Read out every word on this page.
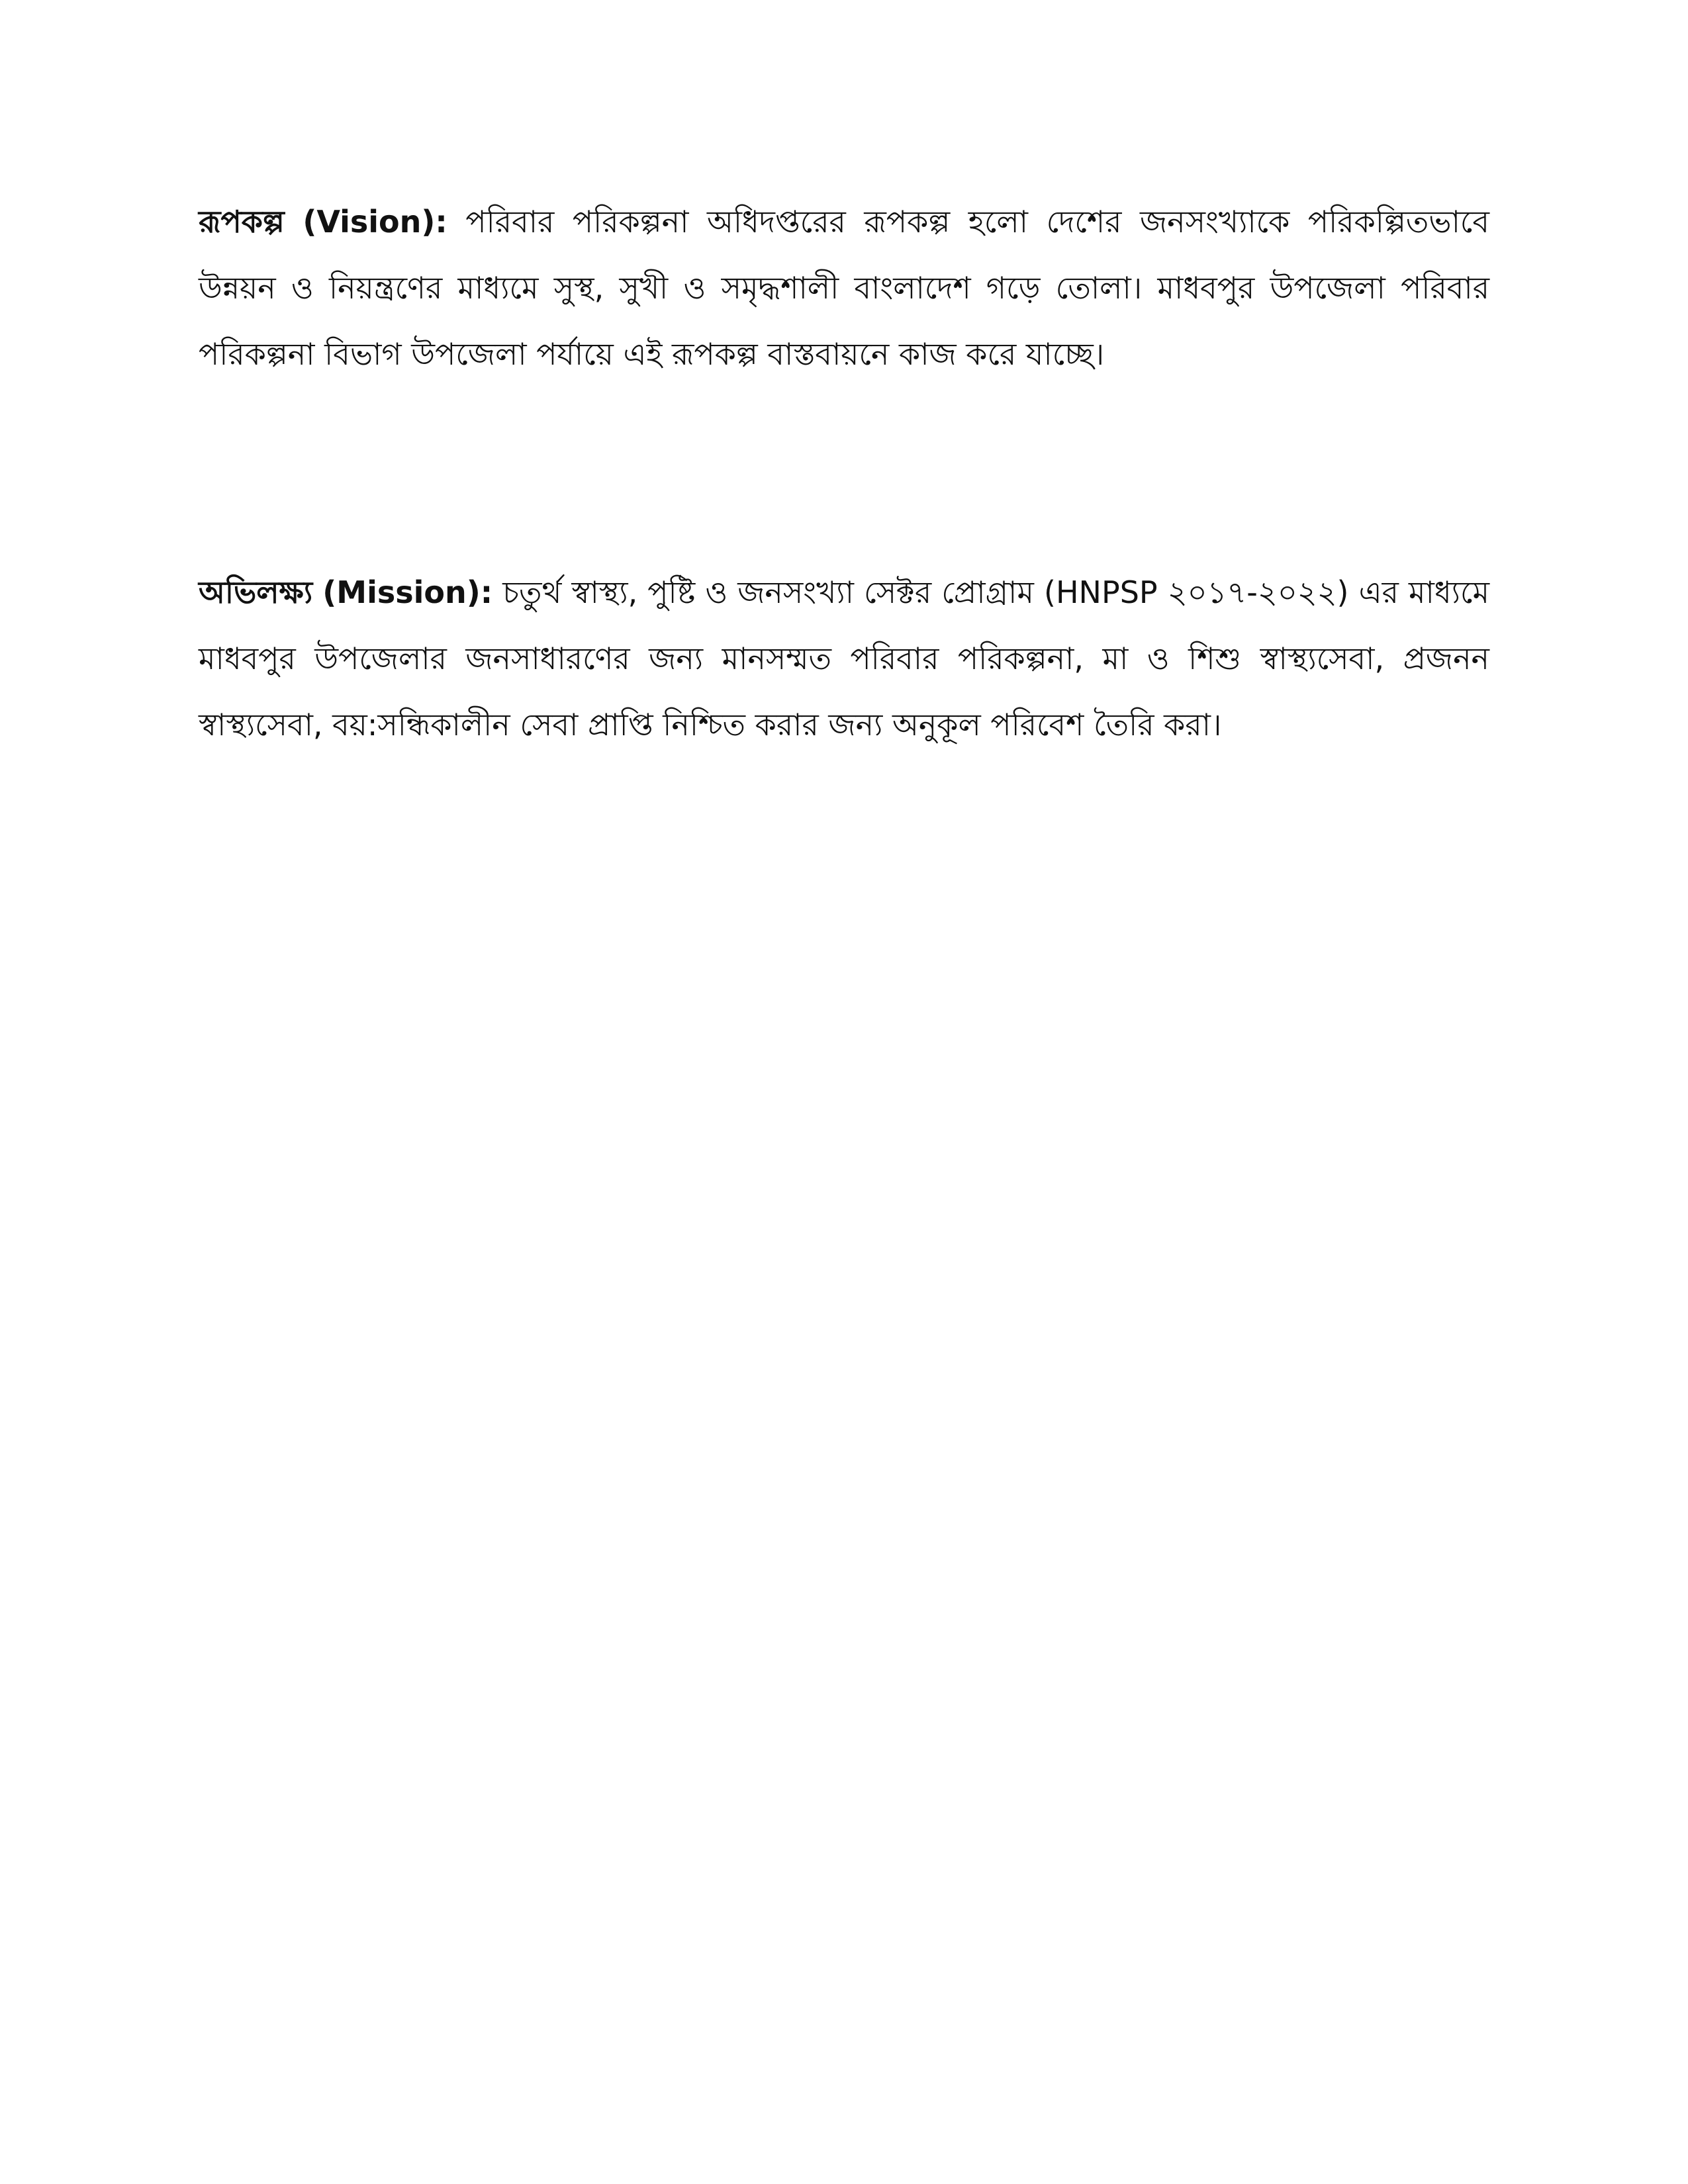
রূপকল্প (Vision): পরিবার পরিকল্পনা অধিদপ্তরের রূপকল্প হলো দেশের জনসংখ্যাকে পরিকল্পিতভাবে উন্নয়ন ও নিয়ন্ত্রণের মাধ্যমে সুস্থ, সুখী ও সমৃদ্ধশালী বাংলাদেশ গড়ে তোলা। মাধবপুর উপজেলা পরিবার পরিকল্পনা বিভাগ উপজেলা পর্যায়ে এই রূপকল্প বাস্তবায়নে কাজ করে যাচ্ছে।

অভিলক্ষ্য (Mission): চতুর্থ স্বাস্থ্য, পুষ্টি ও জনসংখ্যা সেক্টর প্রোগ্রাম (HNPSP ২০১৭-২০২২) এর মাধ্যমে মাধবপুর উপজেলার জনসাধারণের জন্য মানসম্মত পরিবার পরিকল্পনা, মা ও শিশু স্বাস্থ্যসেবা, প্রজনন স্বাস্থ্যসেবা, বয়:সন্ধিকালীন সেবা প্রাপ্তি নিশ্চিত করার জন্য অনুকূল পরিবেশ তৈরি করা।
